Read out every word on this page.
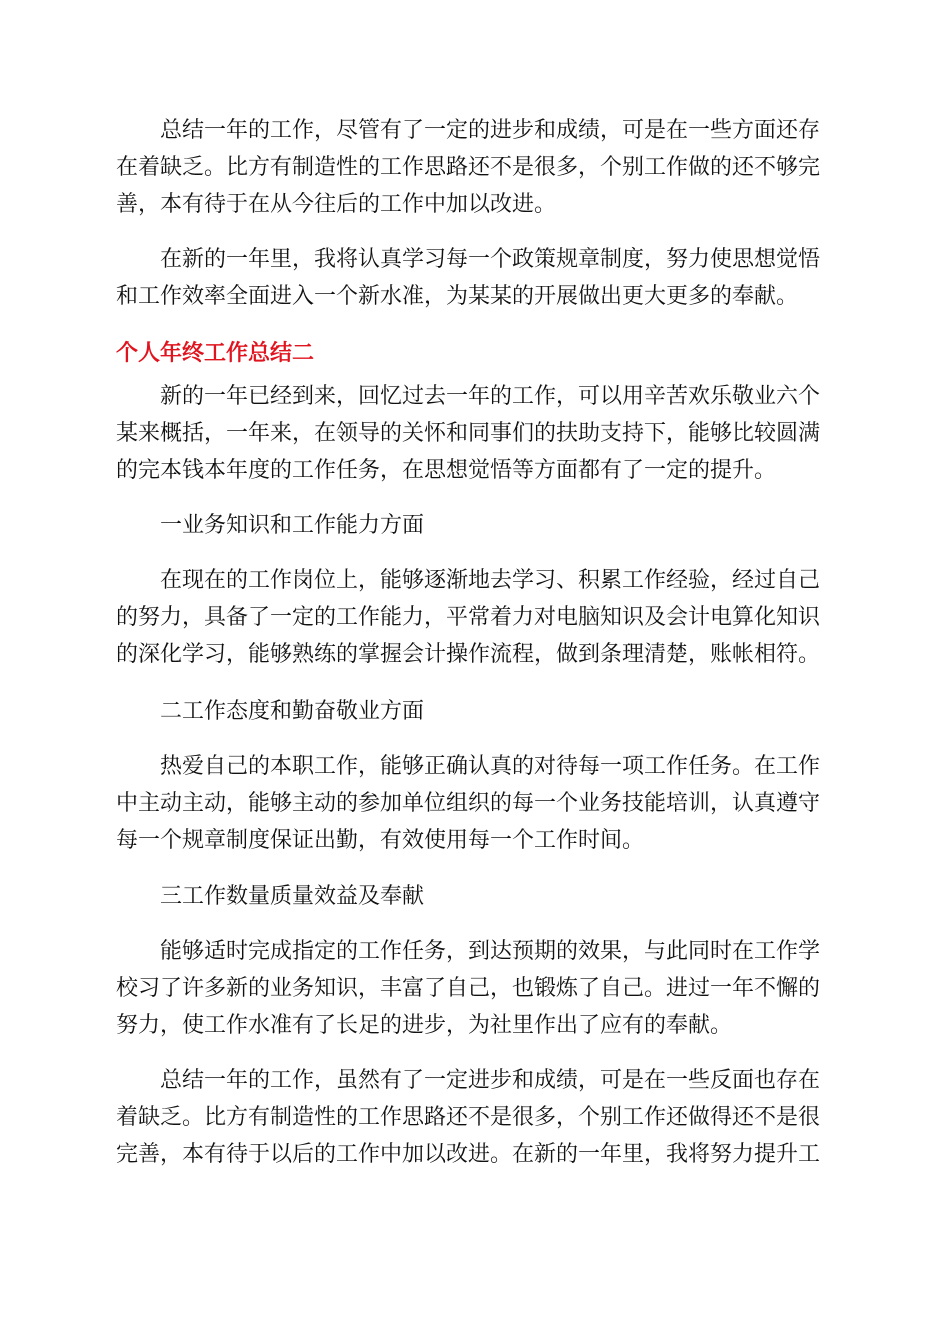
　　总结一年的工作，尽管有了一定的进步和成绩，可是在一些方面还存
在着缺乏。比方有制造性的工作思路还不是很多，个别工作做的还不够完
善，本有待于在从今往后的工作中加以改进。

　　在新的一年里，我将认真学习每一个政策规章制度，努力使思想觉悟
和工作效率全面进入一个新水准，为某某的开展做出更大更多的奉献。

个人年终工作总结二

　　新的一年已经到来，回忆过去一年的工作，可以用辛苦欢乐敬业六个
某来概括，一年来，在领导的关怀和同事们的扶助支持下，能够比较圆满
的完本钱本年度的工作任务，在思想觉悟等方面都有了一定的提升。

　　一业务知识和工作能力方面

　　在现在的工作岗位上，能够逐渐地去学习、积累工作经验，经过自己
的努力，具备了一定的工作能力，平常着力对电脑知识及会计电算化知识
的深化学习，能够熟练的掌握会计操作流程，做到条理清楚，账帐相符。

　　二工作态度和勤奋敬业方面

　　热爱自己的本职工作，能够正确认真的对待每一项工作任务。在工作
中主动主动，能够主动的参加单位组织的每一个业务技能培训，认真遵守
每一个规章制度保证出勤，有效使用每一个工作时间。

　　三工作数量质量效益及奉献

　　能够适时完成指定的工作任务，到达预期的效果，与此同时在工作学
校习了许多新的业务知识，丰富了自己，也锻炼了自己。进过一年不懈的
努力，使工作水准有了长足的进步，为社里作出了应有的奉献。

　　总结一年的工作，虽然有了一定进步和成绩，可是在一些反面也存在
着缺乏。比方有制造性的工作思路还不是很多，个别工作还做得还不是很
完善，本有待于以后的工作中加以改进。在新的一年里，我将努力提升工
